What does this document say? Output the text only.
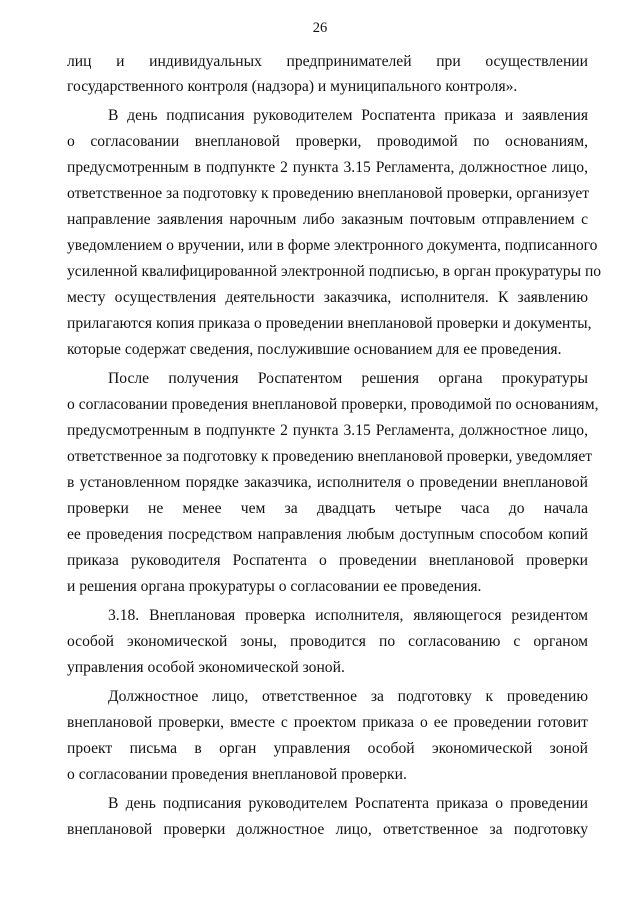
26
лиц и индивидуальных предпринимателей при осуществлении
государственного контроля (надзора) и муниципального контроля».
В день подписания руководителем Роспатента приказа и заявления
о согласовании внеплановой проверки, проводимой по основаниям,
предусмотренным в подпункте 2 пункта 3.15 Регламента, должностное лицо,
ответственное за подготовку к проведению внеплановой проверки, организует
направление заявления нарочным либо заказным почтовым отправлением с
уведомлением о вручении, или в форме электронного документа, подписанного
усиленной квалифицированной электронной подписью, в орган прокуратуры по
месту осуществления деятельности заказчика, исполнителя. К заявлению
прилагаются копия приказа о проведении внеплановой проверки и документы,
которые содержат сведения, послужившие основанием для ее проведения.
После получения Роспатентом решения органа прокуратуры
о согласовании проведения внеплановой проверки, проводимой по основаниям,
предусмотренным в подпункте 2 пункта 3.15 Регламента, должностное лицо,
ответственное за подготовку к проведению внеплановой проверки, уведомляет
в установленном порядке заказчика, исполнителя о проведении внеплановой
проверки не менее чем за двадцать четыре часа до начала
ее проведения посредством направления любым доступным способом копий
приказа руководителя Роспатента о проведении внеплановой проверки
и решения органа прокуратуры о согласовании ее проведения.
3.18. Внеплановая проверка исполнителя, являющегося резидентом
особой экономической зоны, проводится по согласованию с органом
управления особой экономической зоной.
Должностное лицо, ответственное за подготовку к проведению
внеплановой проверки, вместе с проектом приказа о ее проведении готовит
проект письма в орган управления особой экономической зоной
о согласовании проведения внеплановой проверки.
В день подписания руководителем Роспатента приказа о проведении
внеплановой проверки должностное лицо, ответственное за подготовку
